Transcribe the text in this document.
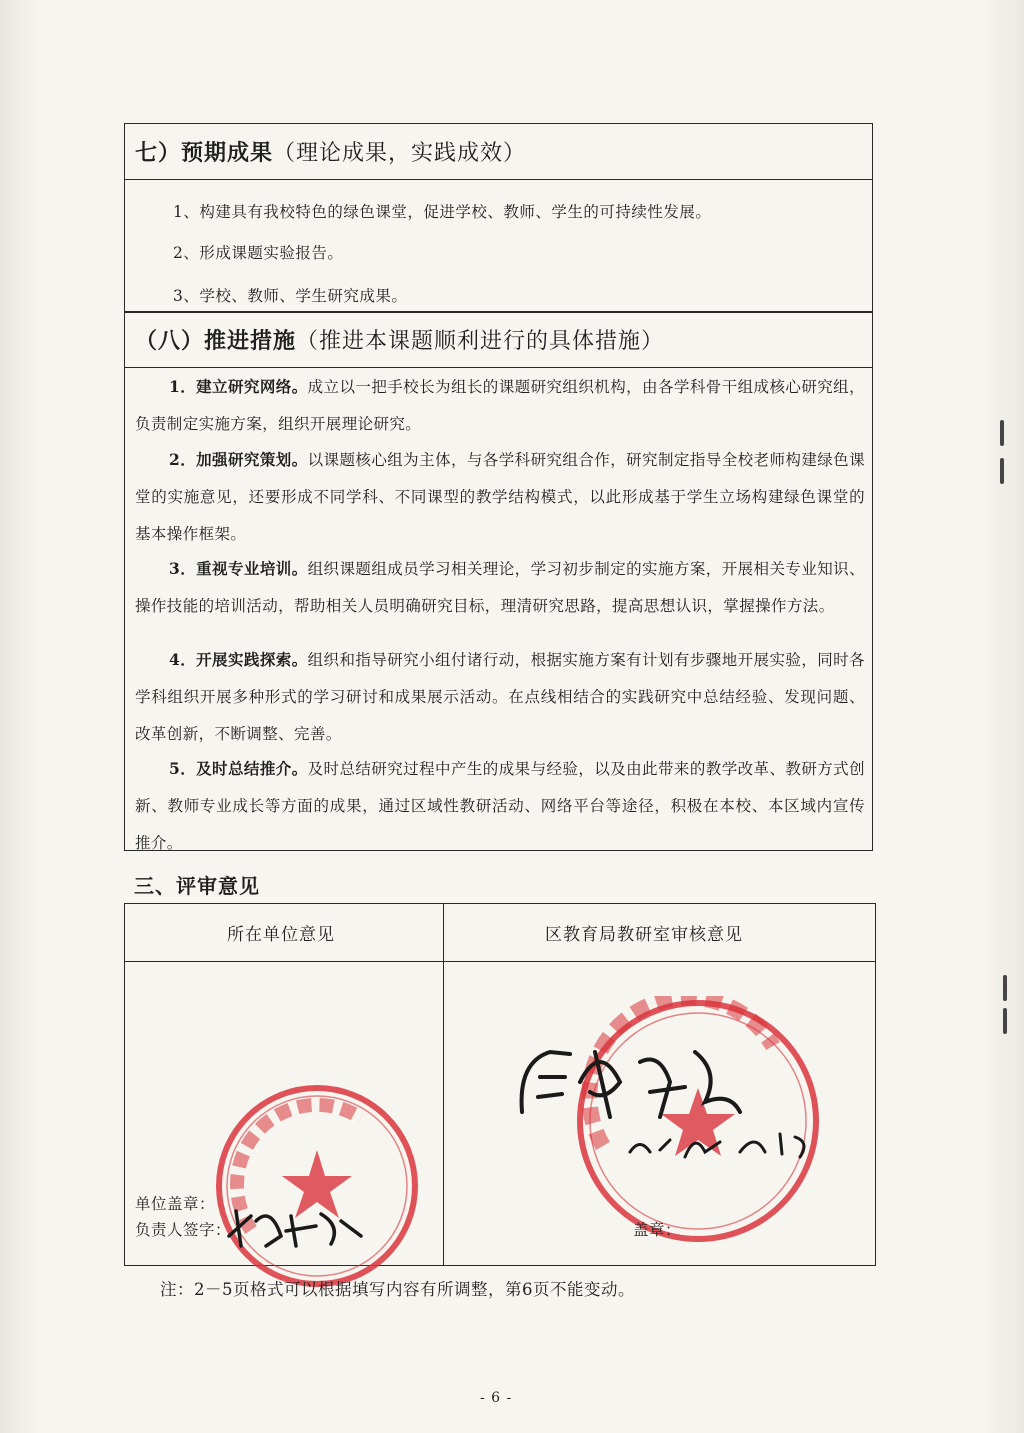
七）预期成果 （理论成果，实践成效）
1、构建具有我校特色的绿色课堂，促进学校、教师、学生的可持续性发展。
2、形成课题实验报告。
3、学校、教师、学生研究成果。
（八）推进措施 （推进本课题顺利进行的具体措施）
1．建立研究网络。成立以一把手校长为组长的课题研究组织机构，由各学科骨干组成核心研究组，负责制定实施方案，组织开展理论研究。
2．加强研究策划。以课题核心组为主体，与各学科研究组合作，研究制定指导全校老师构建绿色课堂的实施意见，还要形成不同学科、不同课型的教学结构模式，以此形成基于学生立场构建绿色课堂的基本操作框架。
3．重视专业培训。组织课题组成员学习相关理论，学习初步制定的实施方案，开展相关专业知识、操作技能的培训活动，帮助相关人员明确研究目标，理清研究思路，提高思想认识，掌握操作方法。
4．开展实践探索。组织和指导研究小组付诸行动，根据实施方案有计划有步骤地开展实验，同时各学科组织开展多种形式的学习研讨和成果展示活动。在点线相结合的实践研究中总结经验、发现问题、改革创新，不断调整、完善。
5．及时总结推介。及时总结研究过程中产生的成果与经验，以及由此带来的教学改革、教研方式创新、教师专业成长等方面的成果，通过区域性教研活动、网络平台等途径，积极在本校、本区域内宣传推介。
三、评审意见
所在单位意见	区教育局教研室审核意见
单位盖章：
负责人签字：	盖章：
注：2－5页格式可以根据填写内容有所调整，第6页不能变动。
- 6 -
